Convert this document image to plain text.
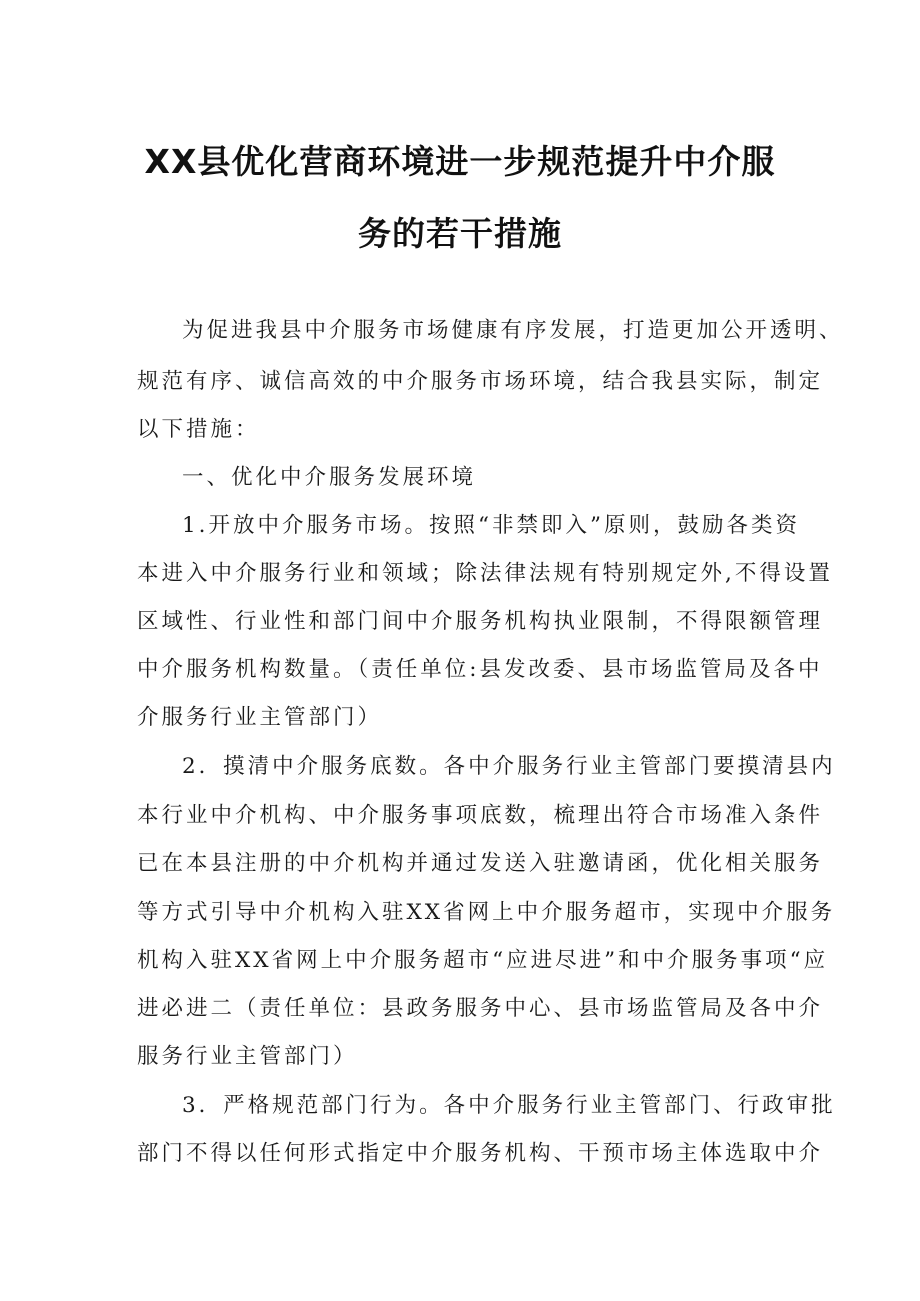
XX县优化营商环境进一步规范提升中介服
务的若干措施
为促进我县中介服务市场健康有序发展，打造更加公开透明、
规范有序、诚信高效的中介服务市场环境，结合我县实际，制定
以下措施：
一、优化中介服务发展环境
1.开放中介服务市场。按照“非禁即入”原则，鼓励各类资
本进入中介服务行业和领域；除法律法规有特别规定外,不得设置
区域性、行业性和部门间中介服务机构执业限制，不得限额管理
中介服务机构数量。（责任单位:县发改委、县市场监管局及各中
介服务行业主管部门）
2．摸清中介服务底数。各中介服务行业主管部门要摸清县内
本行业中介机构、中介服务事项底数，梳理出符合市场准入条件
已在本县注册的中介机构并通过发送入驻邀请函，优化相关服务
等方式引导中介机构入驻XX省网上中介服务超市，实现中介服务
机构入驻XX省网上中介服务超市“应进尽进”和中介服务事项“应
进必进二（责任单位：县政务服务中心、县市场监管局及各中介
服务行业主管部门）
3．严格规范部门行为。各中介服务行业主管部门、行政审批
部门不得以任何形式指定中介服务机构、干预市场主体选取中介
